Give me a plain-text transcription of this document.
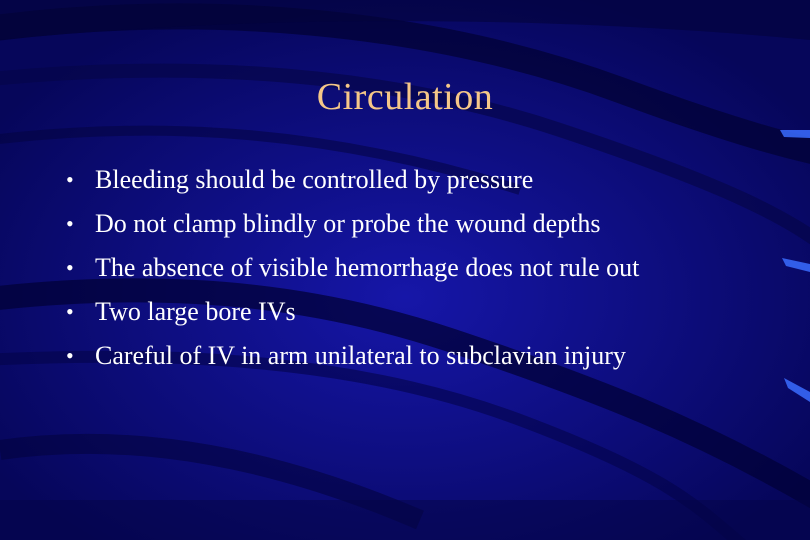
Circulation
• Bleeding should be controlled by pressure
• Do not clamp blindly or probe the wound depths
• The absence of visible hemorrhage does not rule out
• Two large bore IVs
• Careful of IV in arm unilateral to subclavian injury
